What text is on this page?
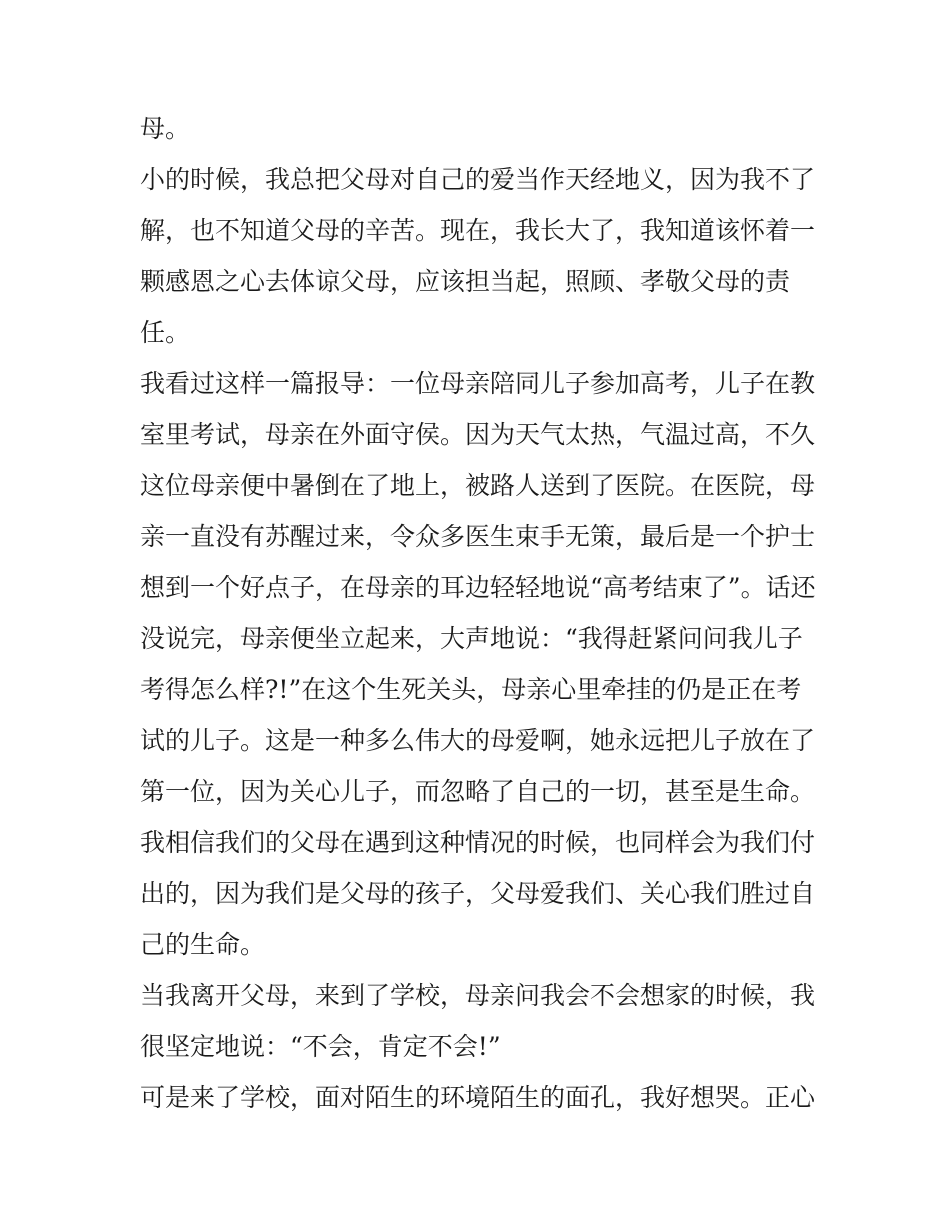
母。
小的时候，我总把父母对自己的爱当作天经地义，因为我不了
解，也不知道父母的辛苦。现在，我长大了，我知道该怀着一
颗感恩之心去体谅父母，应该担当起，照顾、孝敬父母的责
任。
我看过这样一篇报导：一位母亲陪同儿子参加高考，儿子在教
室里考试，母亲在外面守侯。因为天气太热，气温过高，不久
这位母亲便中暑倒在了地上，被路人送到了医院。在医院，母
亲一直没有苏醒过来，令众多医生束手无策，最后是一个护士
想到一个好点子，在母亲的耳边轻轻地说“高考结束了”。话还
没说完，母亲便坐立起来，大声地说：“我得赶紧问问我儿子
考得怎么样?!”在这个生死关头，母亲心里牵挂的仍是正在考
试的儿子。这是一种多么伟大的母爱啊，她永远把儿子放在了
第一位，因为关心儿子，而忽略了自己的一切，甚至是生命。
我相信我们的父母在遇到这种情况的时候，也同样会为我们付
出的，因为我们是父母的孩子，父母爱我们、关心我们胜过自
己的生命。
当我离开父母，来到了学校，母亲问我会不会想家的时候，我
很坚定地说：“不会，肯定不会!”
可是来了学校，面对陌生的环境陌生的面孔，我好想哭。正心
